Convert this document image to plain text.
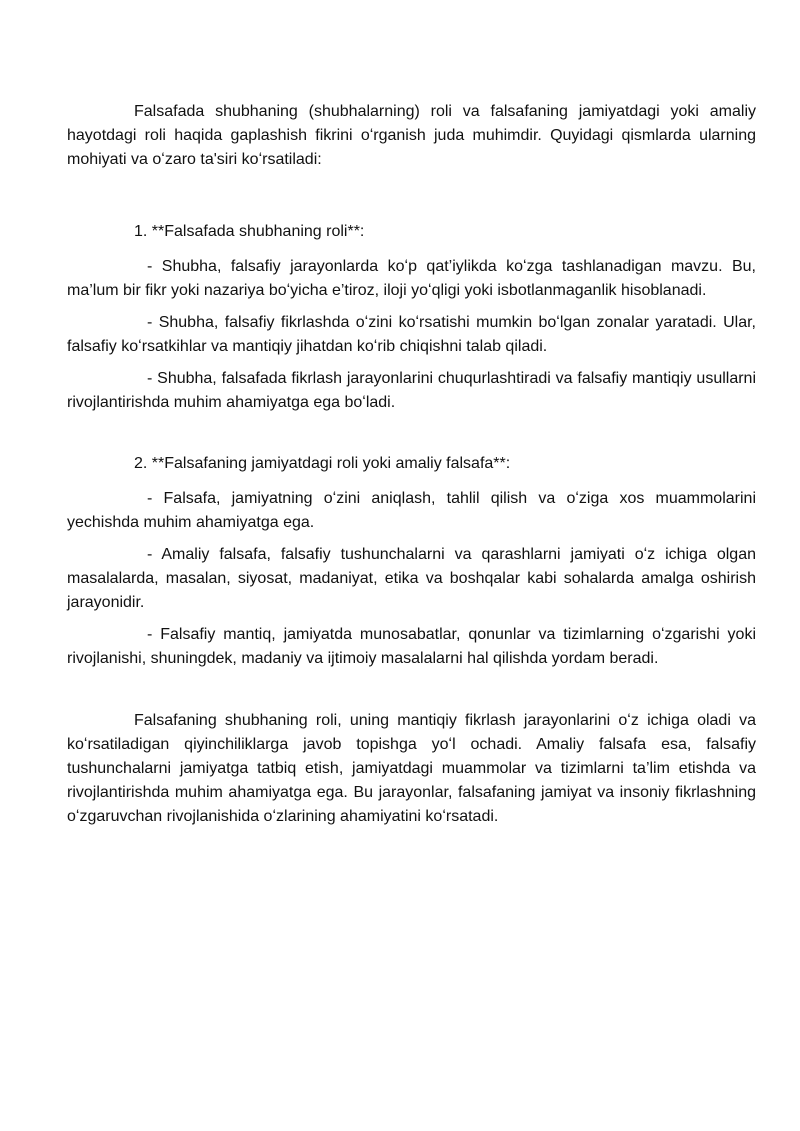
Falsafada shubhaning (shubhalarning) roli va falsafaning jamiyatdagi yoki amaliy hayotdagi roli haqida gaplashish fikrini oʻrganish juda muhimdir. Quyidagi qismlarda ularning mohiyati va oʻzaro ta'siri koʻrsatiladi:

1. **Falsafada shubhaning roli**:

- Shubha, falsafiy jarayonlarda koʻp qat’iylikda koʻzga tashlanadigan mavzu. Bu, ma’lum bir fikr yoki nazariya boʻyicha e’tiroz, iloji yoʻqligi yoki isbotlanmaganlik hisoblanadi.

- Shubha, falsafiy fikrlashda oʻzini koʻrsatishi mumkin boʻlgan zonalar yaratadi. Ular, falsafiy koʻrsatkihlar va mantiqiy jihatdan koʻrib chiqishni talab qiladi.

- Shubha, falsafada fikrlash jarayonlarini chuqurlashtiradi va falsafiy mantiqiy usullarni rivojlantirishda muhim ahamiyatga ega boʻladi.

2. **Falsafaning jamiyatdagi roli yoki amaliy falsafa**:

- Falsafa, jamiyatning oʻzini aniqlash, tahlil qilish va oʻziga xos muammolarini yechishda muhim ahamiyatga ega.

- Amaliy falsafa, falsafiy tushunchalarni va qarashlarni jamiyati oʻz ichiga olgan masalalarda, masalan, siyosat, madaniyat, etika va boshqalar kabi sohalarda amalga oshirish jarayonidir.

- Falsafiy mantiq, jamiyatda munosabatlar, qonunlar va tizimlarning oʻzgarishi yoki rivojlanishi, shuningdek, madaniy va ijtimoiy masalalarni hal qilishda yordam beradi.

Falsafaning shubhaning roli, uning mantiqiy fikrlash jarayonlarini oʻz ichiga oladi va koʻrsatiladigan qiyinchiliklarga javob topishga yoʻl ochadi. Amaliy falsafa esa, falsafiy tushunchalarni jamiyatga tatbiq etish, jamiyatdagi muammolar va tizimlarni ta’lim etishda va rivojlantirishda muhim ahamiyatga ega. Bu jarayonlar, falsafaning jamiyat va insoniy fikrlashning oʻzgaruvchan rivojlanishida oʻzlarining ahamiyatini koʻrsatadi.
